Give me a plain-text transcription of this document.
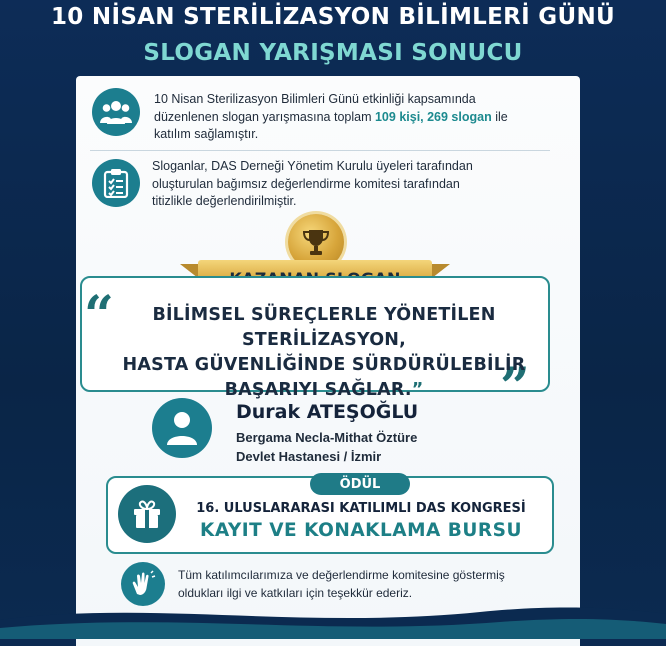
10 NİSAN STERİLİZASYON BİLİMLERİ GÜNÜ
SLOGAN YARIŞMASI SONUCU
10 Nisan Sterilizasyon Bilimleri Günü etkinliği kapsamında düzenlenen slogan yarışmasına toplam 109 kişi, 269 slogan ile katılım sağlamıştır.
Sloganlar, DAS Derneği Yönetim Kurulu üyeleri tarafından oluşturulan bağımsız değerlendirme komitesi tarafından titizlikle değerlendirilmiştir.
“
”
BİLİMSEL SÜREÇLERLE YÖNETİLEN STERİLİZASYON,
HASTA GÜVENLİĞİNDE SÜRDÜRÜLEBİLİR
BAŞARIYI SAĞLAR.”
Durak ATEŞOĞLU
Bergama Necla-Mithat Öztüre
Devlet Hastanesi / İzmir
ÖDÜL
16. ULUSLARARASI KATILIMLI DAS KONGRESİ
KAYIT VE KONAKLAMA BURSU
Tüm katılımcılarımıza ve değerlendirme komitesine göstermiş oldukları ilgi ve katkıları için teşekkür ederiz.
